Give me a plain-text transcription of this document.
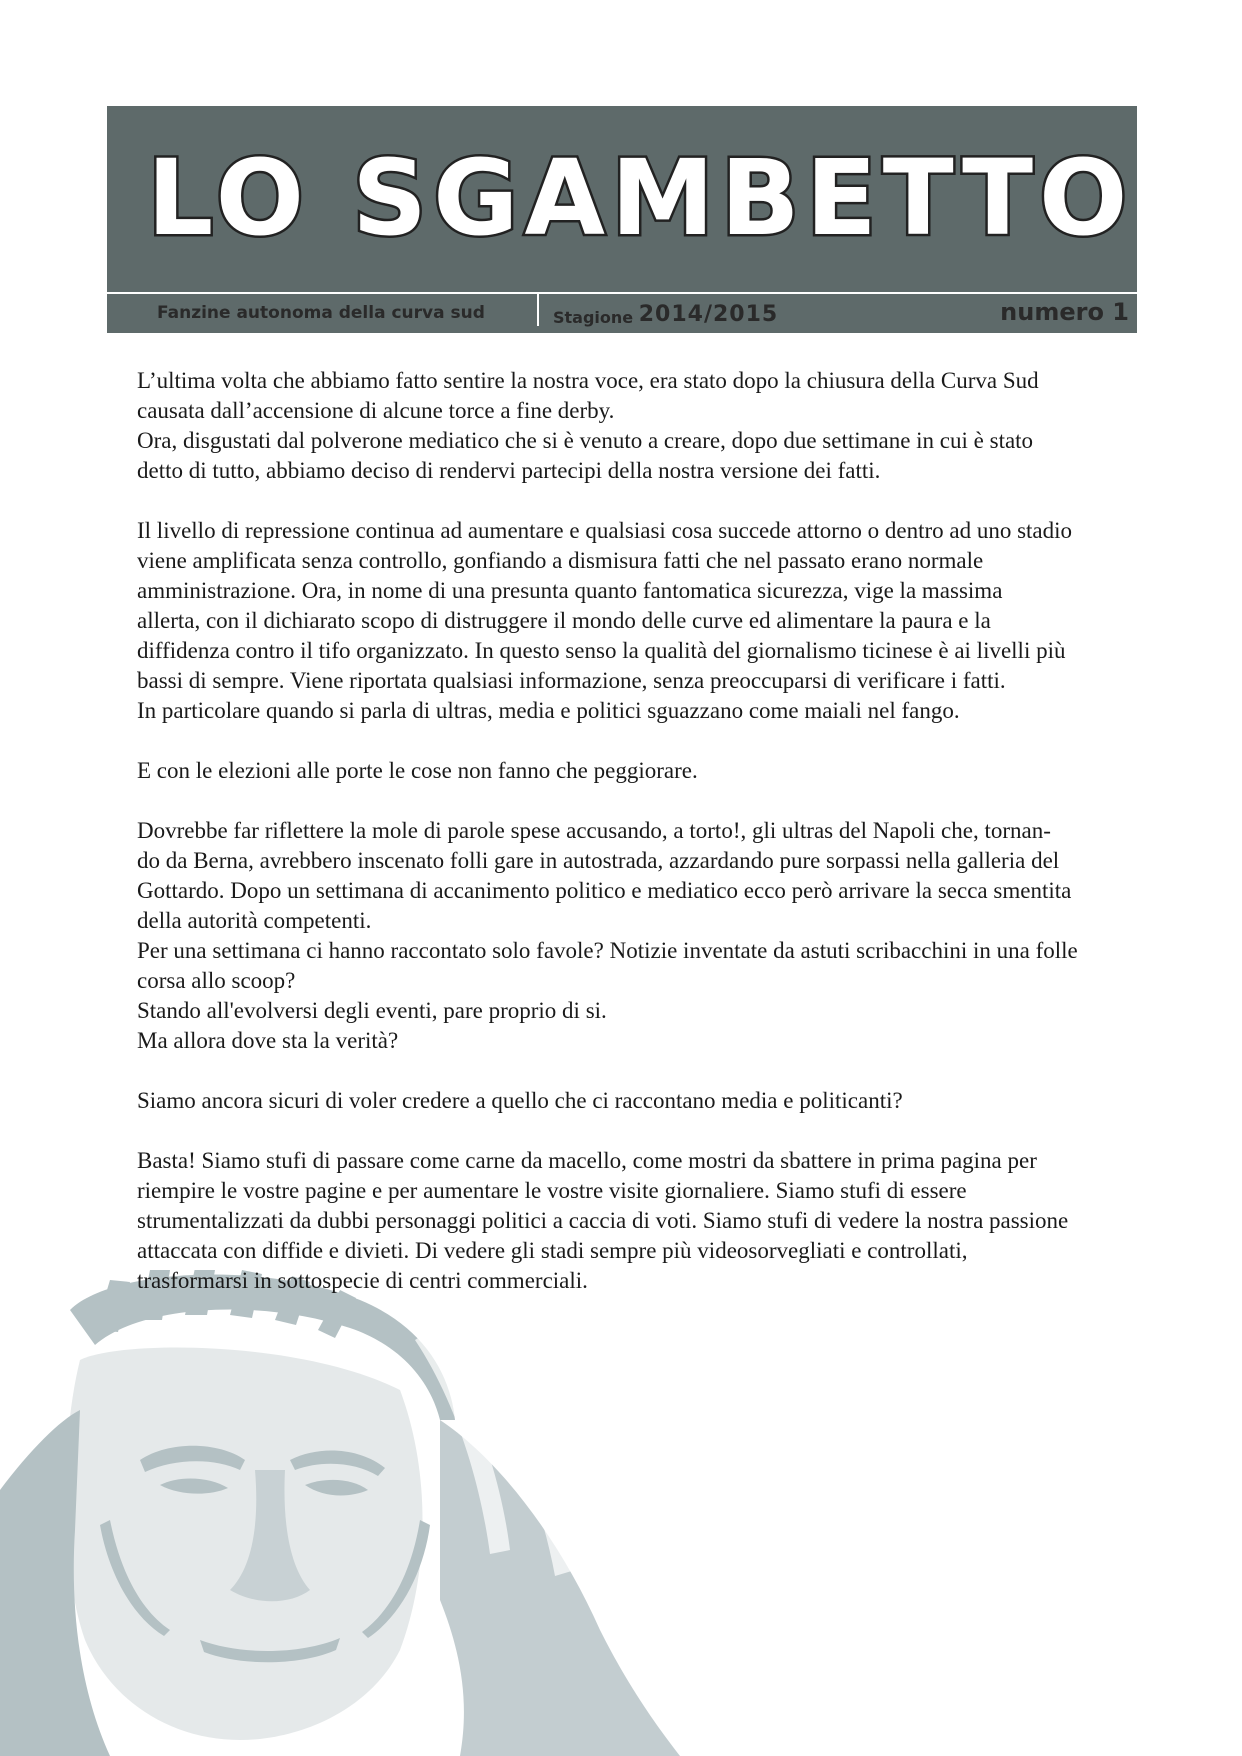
LO SGAMBETTO
Fanzine autonoma della curva sud	Stagione 2014/2015	numero 1

L’ultima volta che abbiamo fatto sentire la nostra voce, era stato dopo la chiusura della Curva Sud
causata dall’accensione di alcune torce a fine derby.
Ora, disgustati dal polverone mediatico che si è venuto a creare, dopo due settimane in cui è stato
detto di tutto, abbiamo deciso di rendervi partecipi della nostra versione dei fatti.

Il livello di repressione continua ad aumentare e qualsiasi cosa succede attorno o dentro ad uno stadio
viene amplificata senza controllo, gonfiando a dismisura fatti che nel passato erano normale
amministrazione. Ora, in nome di una presunta quanto fantomatica sicurezza, vige la massima
allerta, con il dichiarato scopo di distruggere il mondo delle curve ed alimentare la paura e la
diffidenza contro il tifo organizzato. In questo senso la qualità del giornalismo ticinese è ai livelli più
bassi di sempre. Viene riportata qualsiasi informazione, senza preoccuparsi di verificare i fatti.
In particolare quando si parla di ultras, media e politici sguazzano come maiali nel fango.

E con le elezioni alle porte le cose non fanno che peggiorare.

Dovrebbe far riflettere la mole di parole spese accusando, a torto!, gli ultras del Napoli che, tornan-
do da Berna, avrebbero inscenato folli gare in autostrada, azzardando pure sorpassi nella galleria del
Gottardo. Dopo un settimana di accanimento politico e mediatico ecco però arrivare la secca smentita
della autorità competenti.
Per una settimana ci hanno raccontato solo favole? Notizie inventate da astuti scribacchini in una folle
corsa allo scoop?
Stando all'evolversi degli eventi, pare proprio di si.
Ma allora dove sta la verità?

Siamo ancora sicuri di voler credere a quello che ci raccontano media e politicanti?

Basta! Siamo stufi di passare come carne da macello, come mostri da sbattere in prima pagina per
riempire le vostre pagine e per aumentare le vostre visite giornaliere. Siamo stufi di essere
strumentalizzati da dubbi personaggi politici a caccia di voti. Siamo stufi di vedere la nostra passione
attaccata con diffide e divieti. Di vedere gli stadi sempre più videosorvegliati e controllati,
trasformarsi in sottospecie di centri commerciali.
